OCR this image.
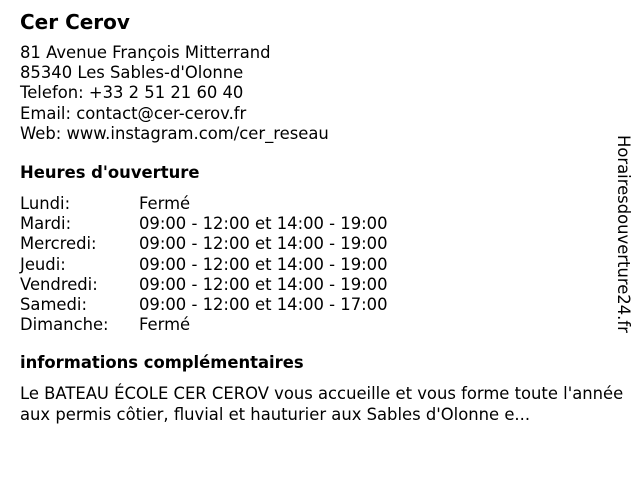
Cer Cerov
81 Avenue François Mitterrand
85340 Les Sables-d'Olonne
Telefon: +33 2 51 21 60 40
Email: contact@cer-cerov.fr
Web: www.instagram.com/cer_reseau
Heures d'ouverture
Lundi:	Fermé
Mardi:	09:00 - 12:00 et 14:00 - 19:00
Mercredi:	09:00 - 12:00 et 14:00 - 19:00
Jeudi:	09:00 - 12:00 et 14:00 - 19:00
Vendredi:	09:00 - 12:00 et 14:00 - 19:00
Samedi:	09:00 - 12:00 et 14:00 - 17:00
Dimanche:	Fermé
informations complémentaires
Le BATEAU ÉCOLE CER CEROV vous accueille et vous forme toute l'année aux permis côtier, fluvial et hauturier aux Sables d'Olonne e...
Horairesdouverture24.fr
